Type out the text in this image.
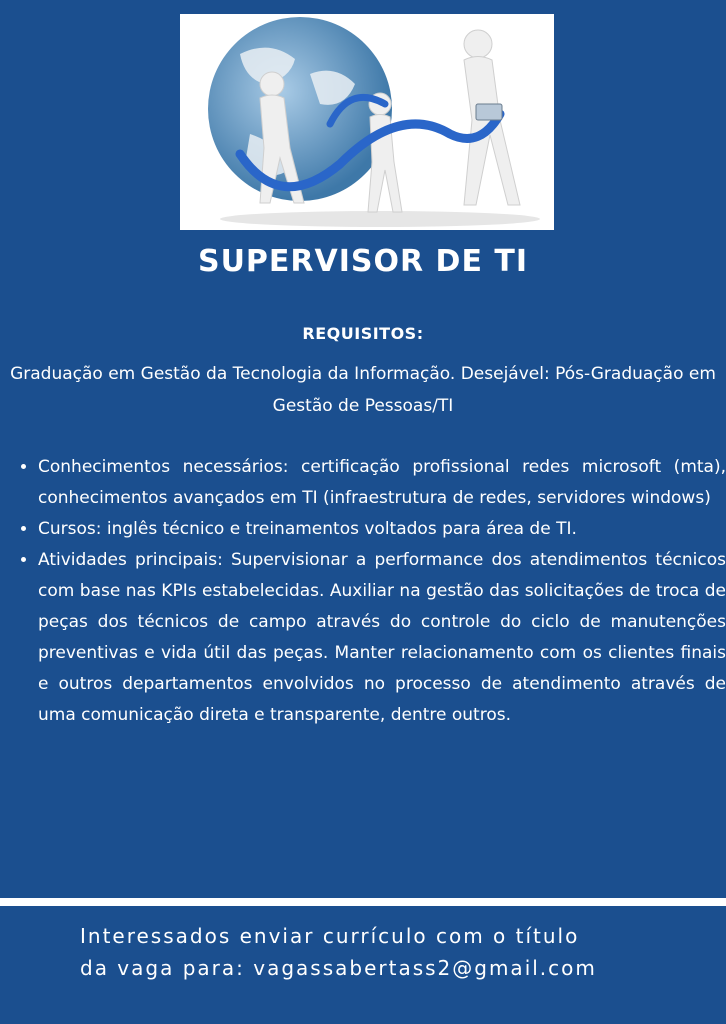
SUPERVISOR DE TI
REQUISITOS:
Graduação em Gestão da Tecnologia da Informação. Desejável: Pós-Graduação em Gestão de Pessoas/TI
• Conhecimentos necessários: certificação profissional redes microsoft (mta), conhecimentos avançados em TI (infraestrutura de redes, servidores windows)
• Cursos: inglês técnico e treinamentos voltados para área de TI.
• Atividades principais: Supervisionar a performance dos atendimentos técnicos com base nas KPIs estabelecidas. Auxiliar na gestão das solicitações de troca de peças dos técnicos de campo através do controle do ciclo de manutenções preventivas e vida útil das peças. Manter relacionamento com os clientes finais e outros departamentos envolvidos no processo de atendimento através de uma comunicação direta e transparente, dentre outros.
Interessados enviar currículo com o título
da vaga para: vagassabertass2@gmail.com
